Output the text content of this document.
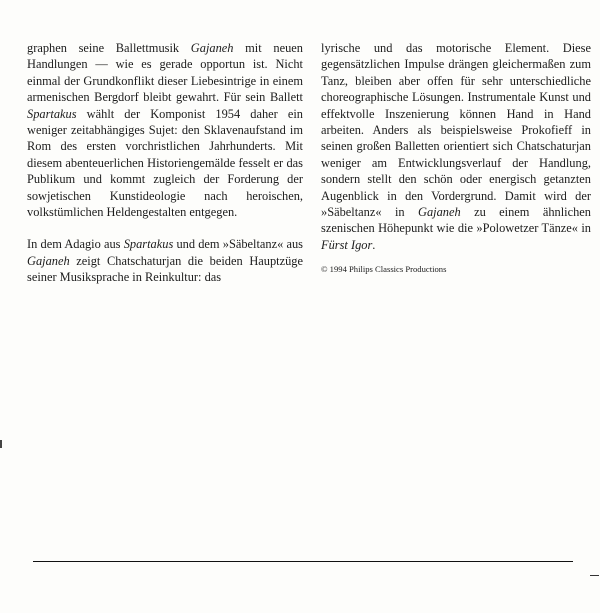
graphen seine Ballettmusik Gajaneh mit neuen Handlungen — wie es gerade opportun ist. Nicht einmal der Grundkonflikt dieser Liebesintrige in einem armenischen Bergdorf bleibt gewahrt. Für sein Ballett Spartakus wählt der Komponist 1954 daher ein weniger zeitabhängiges Sujet: den Sklavenaufstand im Rom des ersten vorchristlichen Jahrhunderts. Mit diesem abenteuerlichen Historiengemälde fesselt er das Publikum und kommt zugleich der Forderung der sowjetischen Kunstideologie nach heroischen, volkstümlichen Heldengestalten entgegen.

In dem Adagio aus Spartakus und dem »Säbeltanz« aus Gajaneh zeigt Chatschaturjan die beiden Hauptzüge seiner Musiksprache in Reinkultur: das

lyrische und das motorische Element. Diese gegensätzlichen Impulse drängen gleichermaßen zum Tanz, bleiben aber offen für sehr unterschiedliche choreographische Lösungen. Instrumentale Kunst und effektvolle Inszenierung können Hand in Hand arbeiten. Anders als beispielsweise Prokofieff in seinen großen Balletten orientiert sich Chatschaturjan weniger am Entwicklungsverlauf der Handlung, sondern stellt den schön oder energisch getanzten Augenblick in den Vordergrund. Damit wird der »Säbeltanz« in Gajaneh zu einem ähnlichen szenischen Höhepunkt wie die »Polowetzer Tänze« in Fürst Igor.

© 1994 Philips Classics Productions
